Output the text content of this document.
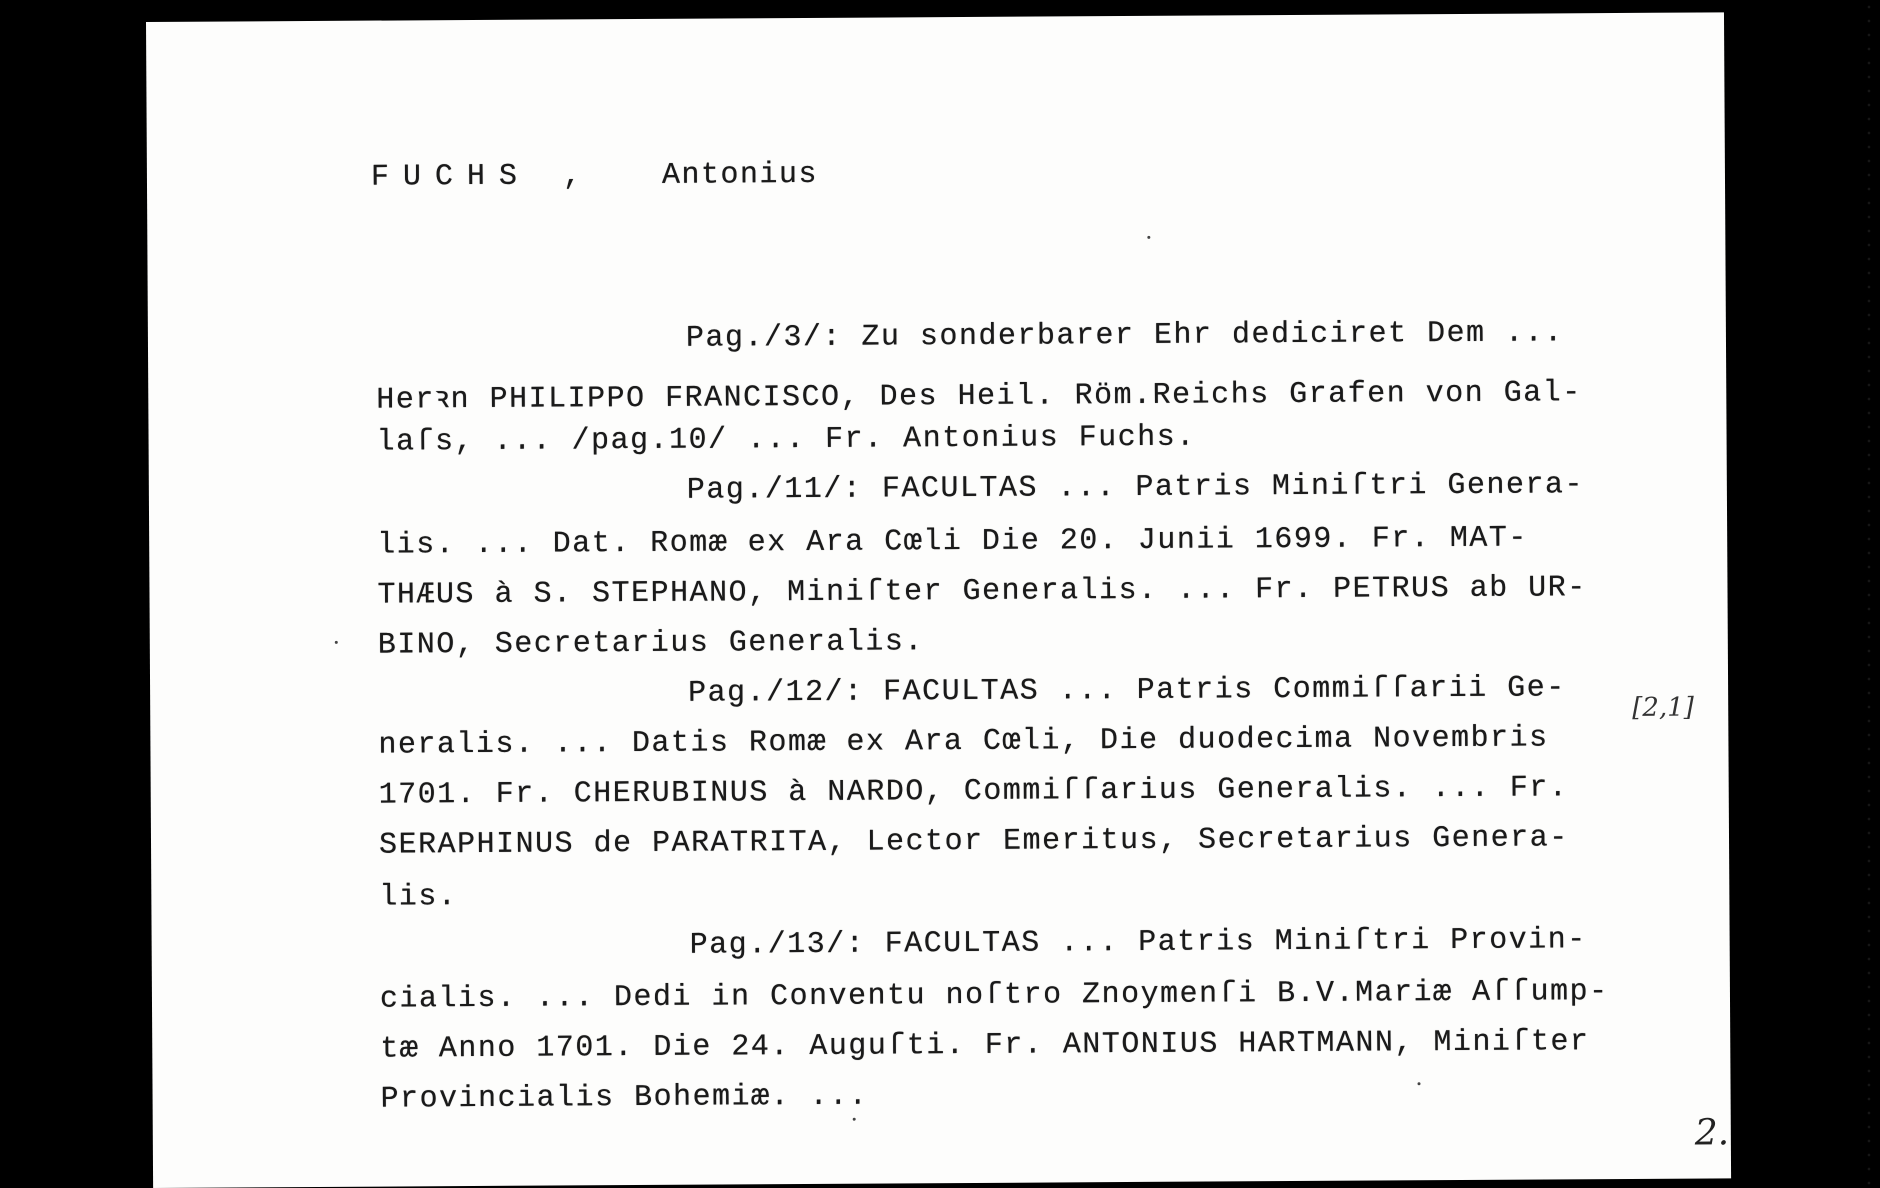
FUCHS , Antonius
Pag./3/: Zu sonderbarer Ehr dediciret Dem ...
Herꝛn PHILIPPO FRANCISCO, Des Heil. Röm.Reichs Grafen von Gal-
laſs, ... /pag.10/ ... Fr. Antonius Fuchs.
Pag./11/: FACULTAS ... Patris Miniſtri Genera-
lis. ... Dat. Romæ ex Ara Cœli Die 20. Junii 1699. Fr. MAT-
THÆUS à S. STEPHANO, Miniſter Generalis. ... Fr. PETRUS ab UR-
BINO, Secretarius Generalis.
Pag./12/: FACULTAS ... Patris Commiſſarii Ge-
neralis. ... Datis Romæ ex Ara Cœli, Die duodecima Novembris
1701. Fr. CHERUBINUS à NARDO, Commiſſarius Generalis. ... Fr.
SERAPHINUS de PARATRITA, Lector Emeritus, Secretarius Genera-
lis.
Pag./13/: FACULTAS ... Patris Miniſtri Provin-
cialis. ... Dedi in Conventu noſtro Znoymenſi B.V.Mariæ Aſſump-
tæ Anno 1701. Die 24. Auguſti. Fr. ANTONIUS HARTMANN, Miniſter
Provincialis Bohemiæ. ...
[2,1]
2.
